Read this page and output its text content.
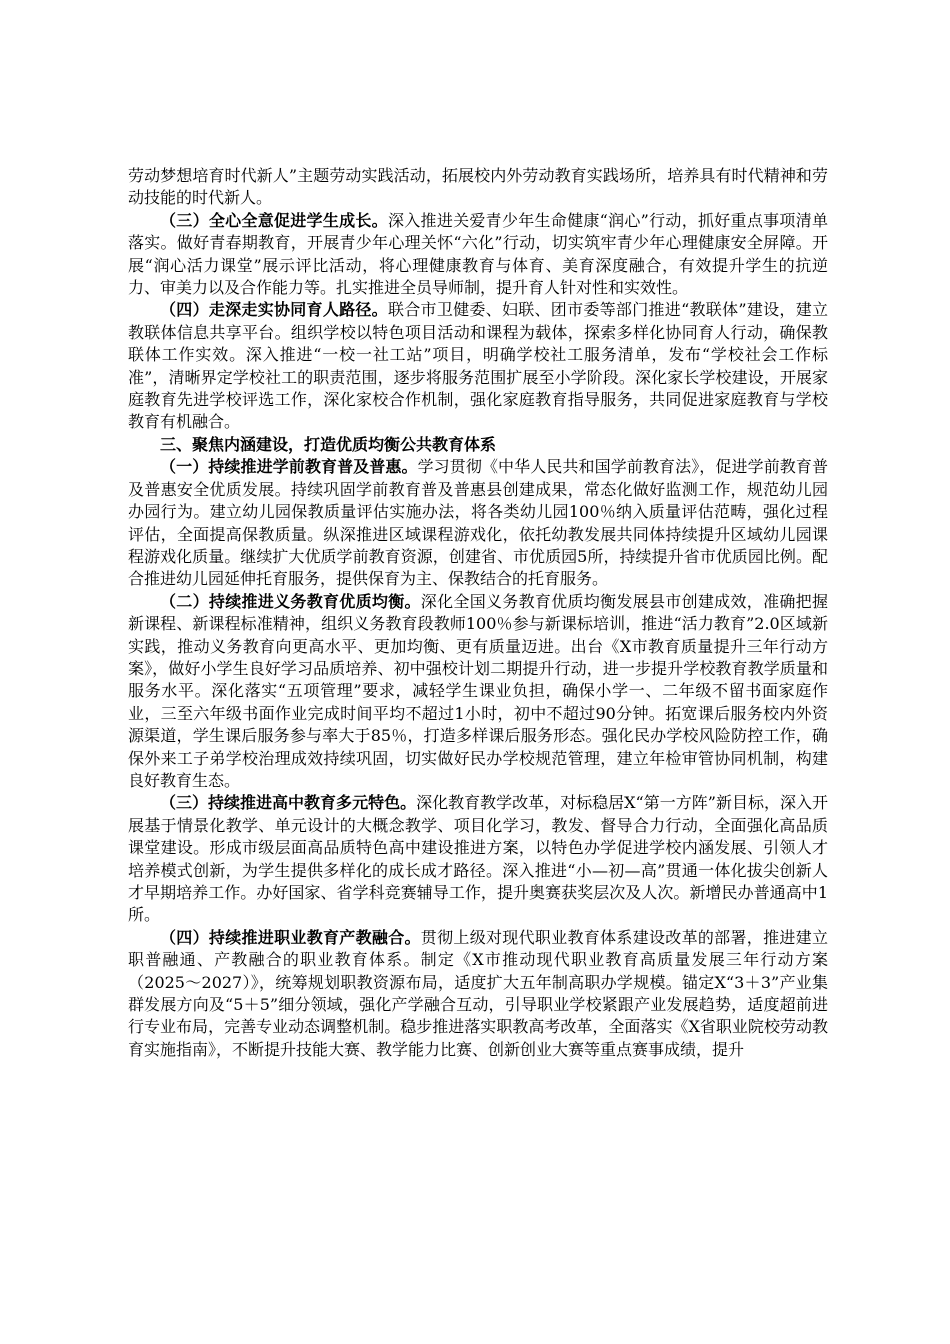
劳动梦想培育时代新人”主题劳动实践活动，拓展校内外劳动教育实践场所，培养具有时代精神和劳动技能的时代新人。

（三）全心全意促进学生成长。深入推进关爱青少年生命健康“润心”行动，抓好重点事项清单落实。做好青春期教育，开展青少年心理关怀“六化”行动，切实筑牢青少年心理健康安全屏障。开展“润心活力课堂”展示评比活动，将心理健康教育与体育、美育深度融合，有效提升学生的抗逆力、审美力以及合作能力等。扎实推进全员导师制，提升育人针对性和实效性。

（四）走深走实协同育人路径。联合市卫健委、妇联、团市委等部门推进“教联体”建设，建立教联体信息共享平台。组织学校以特色项目活动和课程为载体，探索多样化协同育人行动，确保教联体工作实效。深入推进“一校一社工站”项目，明确学校社工服务清单，发布“学校社会工作标准”，清晰界定学校社工的职责范围，逐步将服务范围扩展至小学阶段。深化家长学校建设，开展家庭教育先进学校评选工作，深化家校合作机制，强化家庭教育指导服务，共同促进家庭教育与学校教育有机融合。

三、聚焦内涵建设，打造优质均衡公共教育体系

（一）持续推进学前教育普及普惠。学习贯彻《中华人民共和国学前教育法》，促进学前教育普及普惠安全优质发展。持续巩固学前教育普及普惠县创建成果，常态化做好监测工作，规范幼儿园办园行为。建立幼儿园保教质量评估实施办法，将各类幼儿园100％纳入质量评估范畴，强化过程评估，全面提高保教质量。纵深推进区域课程游戏化，依托幼教发展共同体持续提升区域幼儿园课程游戏化质量。继续扩大优质学前教育资源，创建省、市优质园5所，持续提升省市优质园比例。配合推进幼儿园延伸托育服务，提供保育为主、保教结合的托育服务。

（二）持续推进义务教育优质均衡。深化全国义务教育优质均衡发展县市创建成效，准确把握新课程、新课程标准精神，组织义务教育段教师100％参与新课标培训，推进“活力教育”2.0区域新实践，推动义务教育向更高水平、更加均衡、更有质量迈进。出台《X市教育质量提升三年行动方案》，做好小学生良好学习品质培养、初中强校计划二期提升行动，进一步提升学校教育教学质量和服务水平。深化落实“五项管理”要求，减轻学生课业负担，确保小学一、二年级不留书面家庭作业，三至六年级书面作业完成时间平均不超过1小时，初中不超过90分钟。拓宽课后服务校内外资源渠道，学生课后服务参与率大于85％，打造多样课后服务形态。强化民办学校风险防控工作，确保外来工子弟学校治理成效持续巩固，切实做好民办学校规范管理，建立年检审管协同机制，构建良好教育生态。

（三）持续推进高中教育多元特色。深化教育教学改革，对标稳居X“第一方阵”新目标，深入开展基于情景化教学、单元设计的大概念教学、项目化学习，教发、督导合力行动，全面强化高品质课堂建设。形成市级层面高品质特色高中建设推进方案，以特色办学促进学校内涵发展、引领人才培养模式创新，为学生提供多样化的成长成才路径。深入推进“小—初—高”贯通一体化拔尖创新人才早期培养工作。办好国家、省学科竞赛辅导工作，提升奥赛获奖层次及人次。新增民办普通高中1所。

（四）持续推进职业教育产教融合。贯彻上级对现代职业教育体系建设改革的部署，推进建立职普融通、产教融合的职业教育体系。制定《X市推动现代职业教育高质量发展三年行动方案（2025～2027）》，统筹规划职教资源布局，适度扩大五年制高职办学规模。锚定X“3＋3”产业集群发展方向及“5＋5”细分领域，强化产学融合互动，引导职业学校紧跟产业发展趋势，适度超前进行专业布局，完善专业动态调整机制。稳步推进落实职教高考改革，全面落实《X省职业院校劳动教育实施指南》，不断提升技能大赛、教学能力比赛、创新创业大赛等重点赛事成绩，提升
